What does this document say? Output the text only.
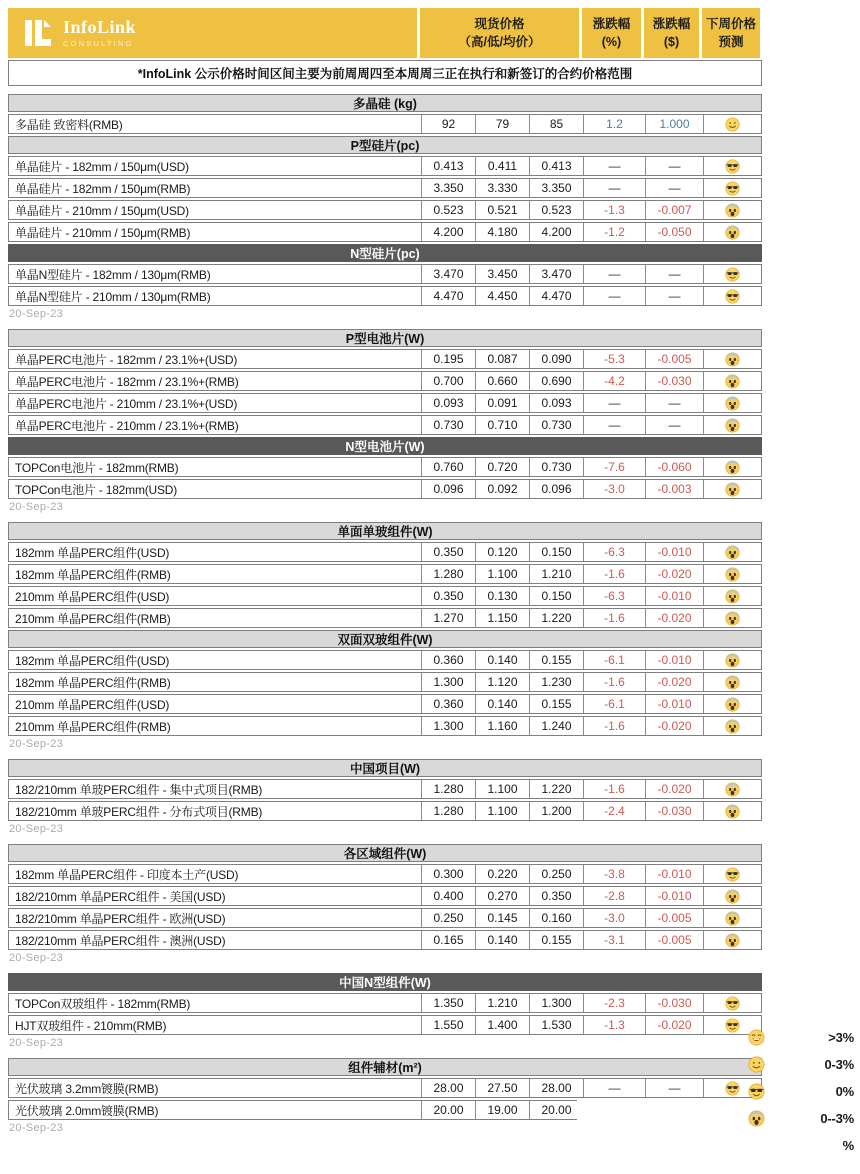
InfoLink
CONSULTING
现货价格
（高/低/均价）
涨跌幅
(%)
涨跌幅
($)
下周价格
预测
*InfoLink 公示价格时间区间主要为前周周四至本周周三正在执行和新签订的合约价格范围
多晶硅 (kg)
多晶硅 致密料(RMB)	92	79	85	1.2	1.000
P型硅片(pc)
单晶硅片 - 182mm / 150μm(USD)	0.413	0.411	0.413	—	—
单晶硅片 - 182mm / 150μm(RMB)	3.350	3.330	3.350	—	—
单晶硅片 - 210mm / 150μm(USD)	0.523	0.521	0.523	-1.3	-0.007
单晶硅片 - 210mm / 150μm(RMB)	4.200	4.180	4.200	-1.2	-0.050
N型硅片(pc)
单晶N型硅片 - 182mm / 130μm(RMB)	3.470	3.450	3.470	—	—
单晶N型硅片 - 210mm / 130μm(RMB)	4.470	4.450	4.470	—	—
20-Sep-23
P型电池片(W)
单晶PERC电池片 - 182mm / 23.1%+(USD)	0.195	0.087	0.090	-5.3	-0.005
单晶PERC电池片 - 182mm / 23.1%+(RMB)	0.700	0.660	0.690	-4.2	-0.030
单晶PERC电池片 - 210mm / 23.1%+(USD)	0.093	0.091	0.093	—	—
单晶PERC电池片 - 210mm / 23.1%+(RMB)	0.730	0.710	0.730	—	—
N型电池片(W)
TOPCon电池片 - 182mm(RMB)	0.760	0.720	0.730	-7.6	-0.060
TOPCon电池片 - 182mm(USD)	0.096	0.092	0.096	-3.0	-0.003
20-Sep-23
单面单玻组件(W)
182mm 单晶PERC组件(USD)	0.350	0.120	0.150	-6.3	-0.010
182mm 单晶PERC组件(RMB)	1.280	1.100	1.210	-1.6	-0.020
210mm 单晶PERC组件(USD)	0.350	0.130	0.150	-6.3	-0.010
210mm 单晶PERC组件(RMB)	1.270	1.150	1.220	-1.6	-0.020
双面双玻组件(W)
182mm 单晶PERC组件(USD)	0.360	0.140	0.155	-6.1	-0.010
182mm 单晶PERC组件(RMB)	1.300	1.120	1.230	-1.6	-0.020
210mm 单晶PERC组件(USD)	0.360	0.140	0.155	-6.1	-0.010
210mm 单晶PERC组件(RMB)	1.300	1.160	1.240	-1.6	-0.020
20-Sep-23
中国项目(W)
182/210mm 单玻PERC组件 - 集中式项目(RMB)	1.280	1.100	1.220	-1.6	-0.020
182/210mm 单玻PERC组件 - 分布式项目(RMB)	1.280	1.100	1.200	-2.4	-0.030
20-Sep-23
各区域组件(W)
182mm 单晶PERC组件 - 印度本土产(USD)	0.300	0.220	0.250	-3.8	-0.010
182/210mm 单晶PERC组件 - 美国(USD)	0.400	0.270	0.350	-2.8	-0.010
182/210mm 单晶PERC组件 - 欧洲(USD)	0.250	0.145	0.160	-3.0	-0.005
182/210mm 单晶PERC组件 - 澳洲(USD)	0.165	0.140	0.155	-3.1	-0.005
20-Sep-23
中国N型组件(W)
TOPCon双玻组件 - 182mm(RMB)	1.350	1.210	1.300	-2.3	-0.030
HJT双玻组件 - 210mm(RMB)	1.550	1.400	1.530	-1.3	-0.020
20-Sep-23
组件辅材(m²)
光伏玻璃 3.2mm镀膜(RMB)	28.00	27.50	28.00	—	—
光伏玻璃 2.0mm镀膜(RMB)	20.00	19.00	20.00
20-Sep-23
>3%
0-3%
0%
0--3%
%
